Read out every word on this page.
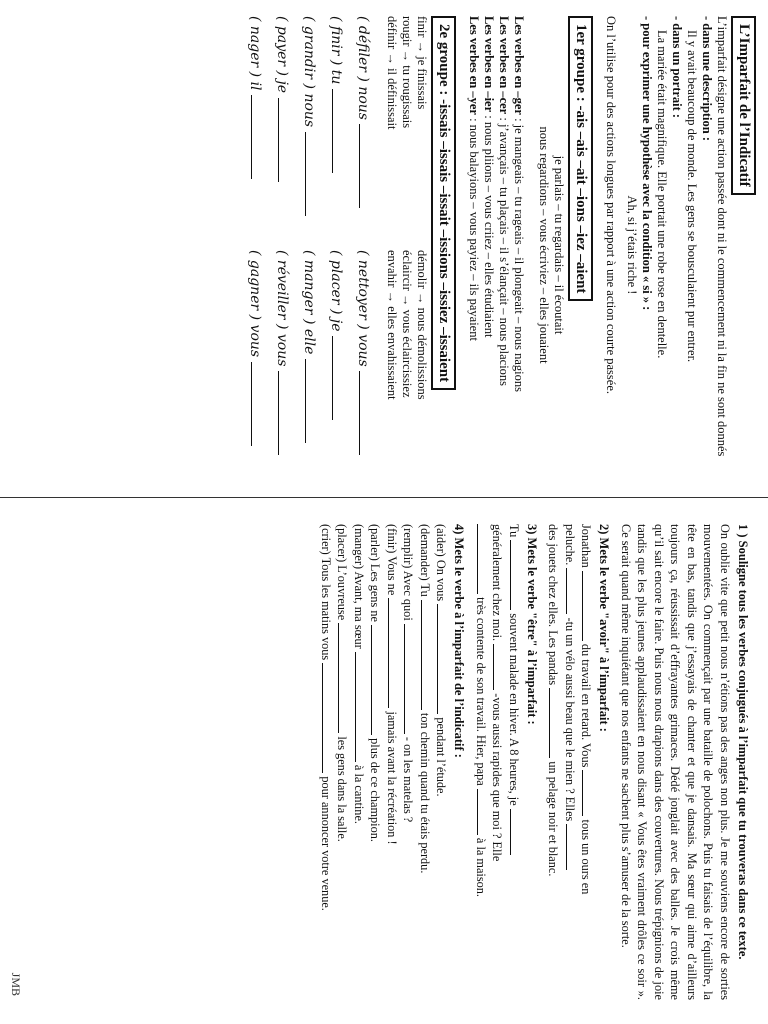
L’Imparfait de l’Indicatif

L’imparfait désigne une action passée dont ni le commencement ni la fin ne sont donnés

- dans une description :

Il y avait beaucoup de monde. Les gens se bousculaient pur entrer.

- dans un portrait :

La mariée était magnifique. Elle portait une robe rose en dentelle.

- pour exprimer une hypothèse avec la condition « si » :

Ah, si j’étais riche !

On l’utilise pour des actions longues par rapport à une action courte passée.

1er groupe : -ais –ais –ait –ions –iez –aient

je parlais – tu regardais – il écoutait

nous regardions – vous écriviez – elles jouaient

Les verbes en –ger : je mangeais – tu rageais – il plongeait – nous nagions

Les verbes en –cer : j’avançais – tu plaçais – il s’élançait – nous placions

Les verbes en –ier : nous pliions – vous criiez – elles étudiaient

Les verbes en –yer : nous balayions – vous payiez – ils payaient

2e groupe : -issais –issais –issait –issions –issiez –issaient

finir → je finissais

démolir → nous démolissions

rougir → tu rougissais

éclaircir → vous éclaircissiez

définir → il définissait

envahir → elles envahissaient

( défiler ) nous
( nettoyer ) vous
( finir ) tu
( placer ) je
( grandir ) nous
( manger ) elle
( payer ) je
( réveiller ) vous
( nager ) il
( gagner ) vous

1 ) Souligne tous les verbes conjugués à l’imparfait que tu trouveras dans ce texte.

On oublie vite que petit nous n’étions pas des anges non plus. Je me souviens encore de sorties mouvementées. On commençait par une bataille de polochons. Puis tu faisais de l’équilibre, la tête en bas, tandis que j’essayais de chanter et que je dansais. Ma sœur qui aime d’ailleurs toujours ça, réussissait d’effrayantes grimaces. Dédé jonglait avec des balles. Je crois même qu’il sait encore le faire. Puis nous nous drapions dans des couvertures. Nous trépignions de joie tandis que les plus jeunes applaudissaient en nous disant « Vous êtes vraiment drôles ce soir ». Ce serait quand même inquiétant que nos enfants ne sachent plus s’amuser de la sorte.

2) Mets le verbe "avoir" à l’imparfait :

Jonathan  du travail en retard. Vous  tous un ours en

peluche.  -tu un vélo aussi beau que le mien ? Elles

des jouets chez elles. Les pandas  un pelage noir et blanc.

3) Mets le verbe "être" à l’imparfait :

Tu  souvent malade en hiver. A 8 heures, je

généralement chez moi.  -vous aussi rapides que moi ? Elle

très contente de son travail. Hier, papa  à la maison.

4) Mets le verbe à l’imparfait de l’indicatif :

(aider) On vous  pendant l’étude.

(demander) Tu  ton chemin quand tu étais perdu.

(remplir) Avec quoi  - on les matelas ?

(finir) Vous ne  jamais avant la récréation !

(parler) Les gens ne  plus de ce champion.

(manger) Avant, ma sœur  à la cantine.

(placer) L’ouvreuse  les gens dans la salle.

(crier) Tous les matins vous  pour annoncer votre venue.

JMB
